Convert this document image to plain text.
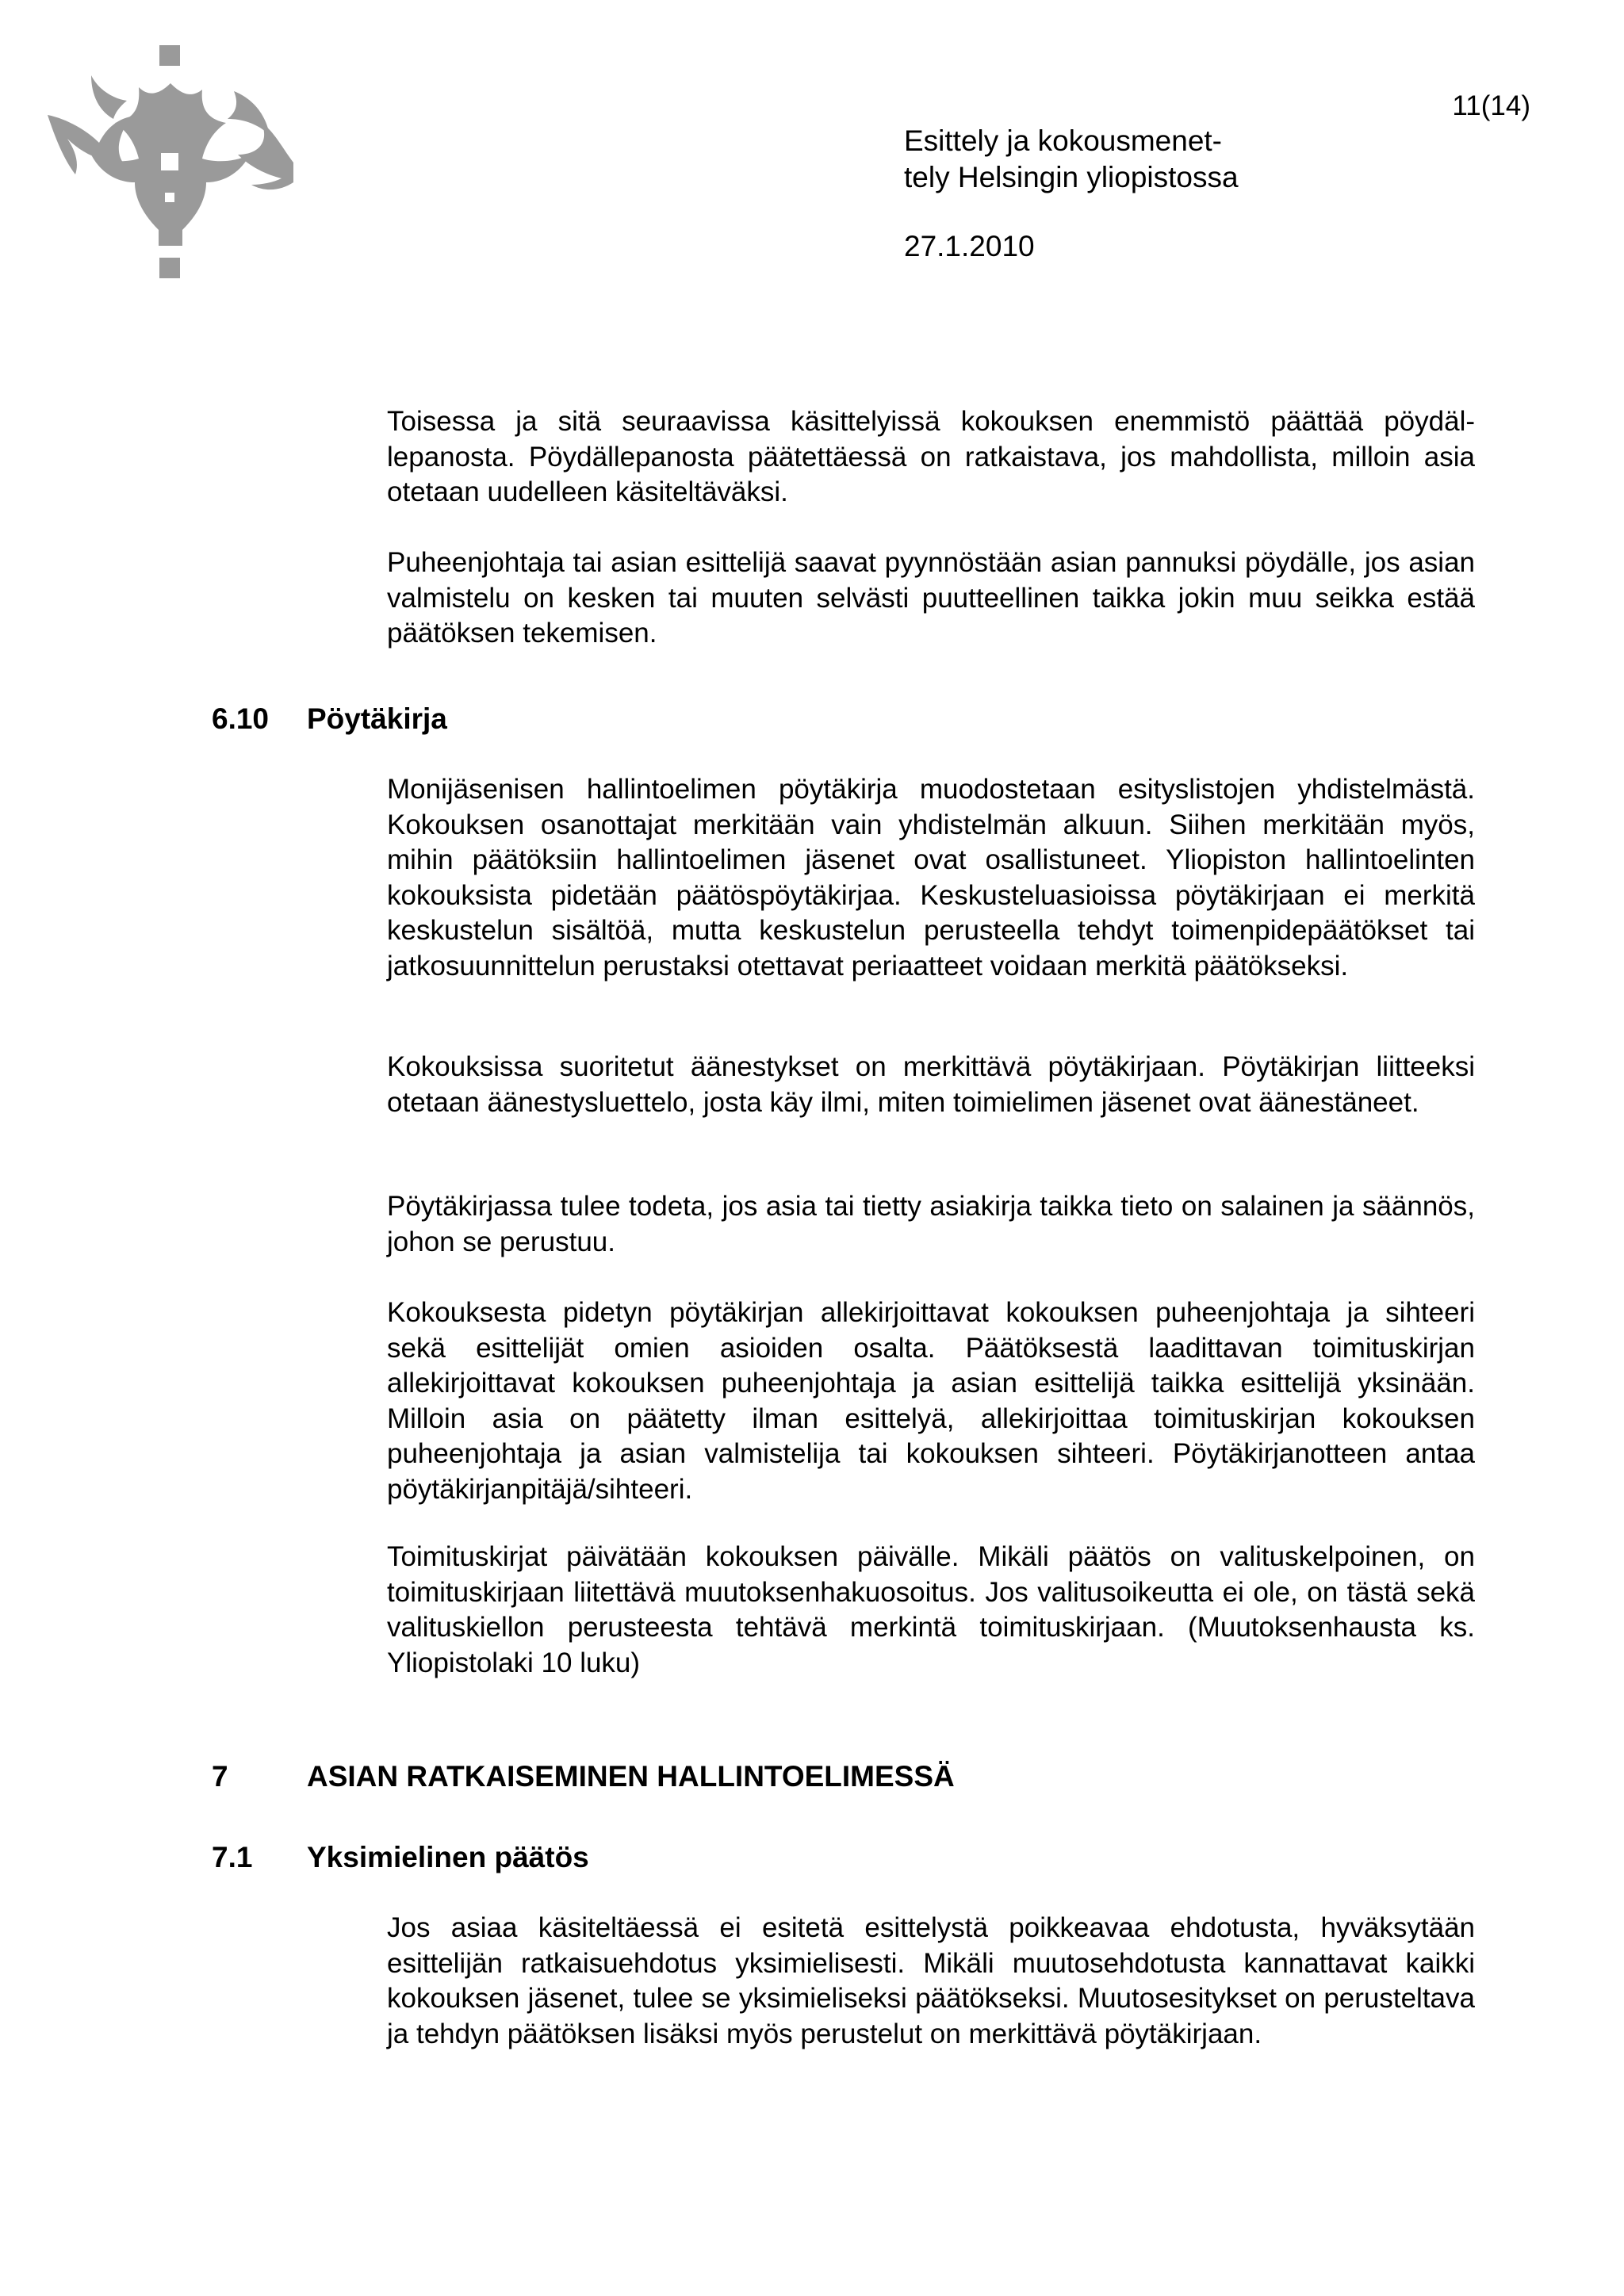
11(14)
Esittely ja kokousmenet-
tely Helsingin yliopistossa
27.1.2010

Toisessa ja sitä seuraavissa käsittelyissä kokouksen enemmistö päättää pöydällepanosta. Pöydällepanosta päätettäessä on ratkaistava, jos mahdollista, milloin asia otetaan uudelleen käsiteltäväksi.

Puheenjohtaja tai asian esittelijä saavat pyynnöstään asian pannuksi pöydälle, jos asian valmistelu on kesken tai muuten selvästi puutteellinen taikka jokin muu seikka estää päätöksen tekemisen.

6.10 Pöytäkirja

Monijäsenisen hallintoelimen pöytäkirja muodostetaan esityslistojen yhdistelmästä. Kokouksen osanottajat merkitään vain yhdistelmän alkuun. Siihen merkitään myös, mihin päätöksiin hallintoelimen jäsenet ovat osallistuneet. Yliopiston hallintoelinten kokouksista pidetään päätöspöytäkirjaa. Keskusteluasioissa pöytäkirjaan ei merkitä keskustelun sisältöä, mutta keskustelun perusteella tehdyt toimenpidepäätökset tai jatkosuunnittelun perustaksi otettavat periaatteet voidaan merkitä päätökseksi.

Kokouksissa suoritetut äänestykset on merkittävä pöytäkirjaan. Pöytäkirjan liitteeksi otetaan äänestysluettelo, josta käy ilmi, miten toimielimen jäsenet ovat äänestäneet.

Pöytäkirjassa tulee todeta, jos asia tai tietty asiakirja taikka tieto on salainen ja säännös, johon se perustuu.

Kokouksesta pidetyn pöytäkirjan allekirjoittavat kokouksen puheenjohtaja ja sihteeri sekä esittelijät omien asioiden osalta. Päätöksestä laadittavan toimituskirjan allekirjoittavat kokouksen puheenjohtaja ja asian esittelijä taikka esittelijä yksinään. Milloin asia on päätetty ilman esittelyä, allekirjoittaa toimituskirjan kokouksen puheenjohtaja ja asian valmistelija tai kokouksen sihteeri. Pöytäkirjanotteen antaa pöytäkirjanpitäjä/sihteeri.

Toimituskirjat päivätään kokouksen päivälle. Mikäli päätös on valituskelpoinen, on toimituskirjaan liitettävä muutoksenhakuosoitus. Jos valitusoikeutta ei ole, on tästä sekä valituskiellon perusteesta tehtävä merkintä toimituskirjaan. (Muutoksenhausta ks. Yliopistolaki 10 luku)

7	ASIAN RATKAISEMINEN HALLINTOELIMESSÄ
7.1 Yksimielinen päätös

Jos asiaa käsiteltäessä ei esitetä esittelystä poikkeavaa ehdotusta, hyväksytään esittelijän ratkaisuehdotus yksimielisesti. Mikäli muutosehdotusta kannattavat kaikki kokouksen jäsenet, tulee se yksimieliseksi päätökseksi. Muutosesitykset on perusteltava ja tehdyn päätöksen lisäksi myös perustelut on merkittävä pöytäkirjaan.
